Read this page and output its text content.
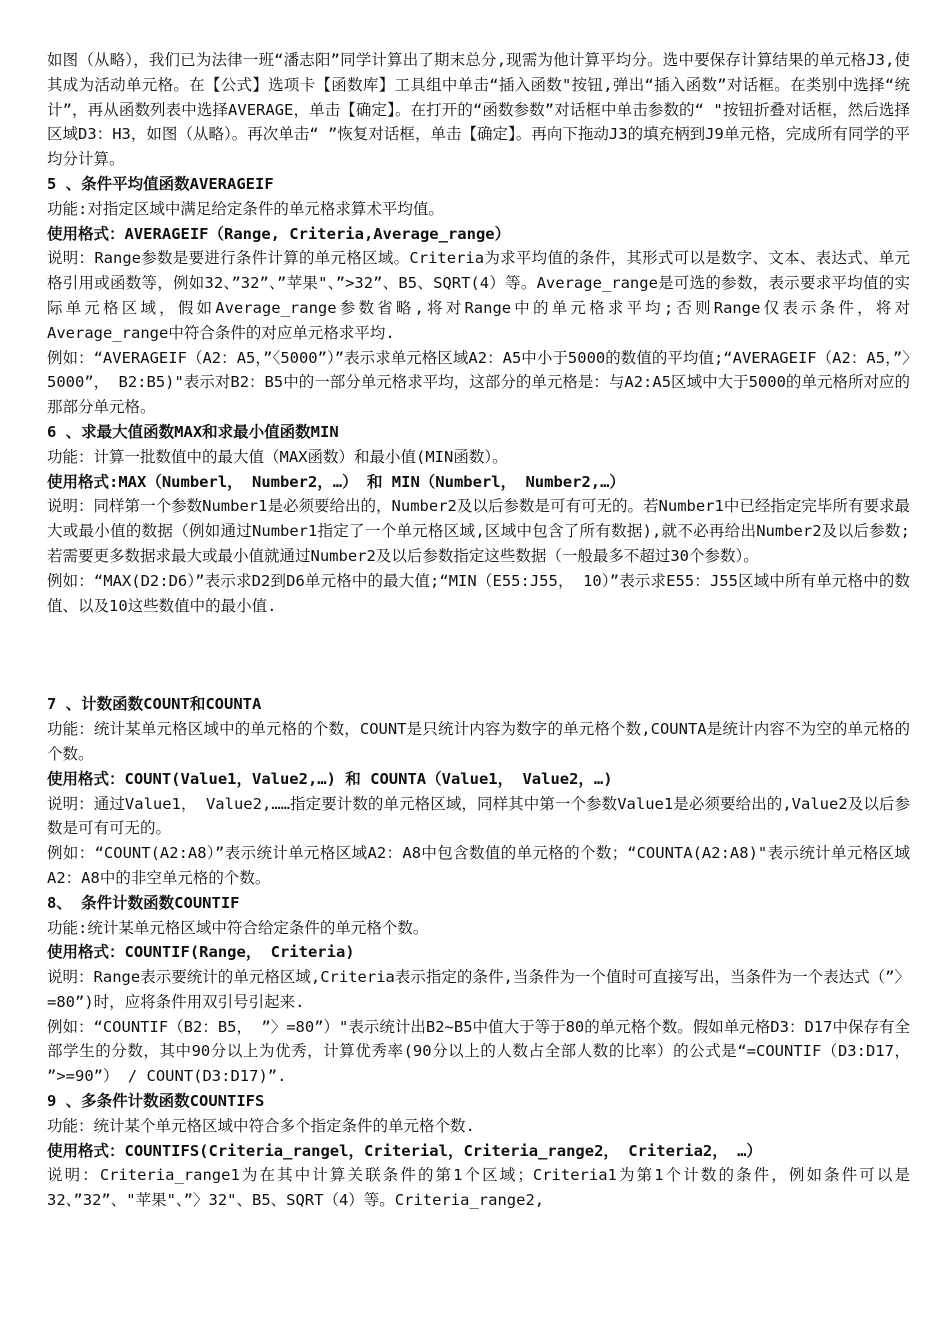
如图（从略），我们已为法律一班“潘志阳”同学计算出了期末总分,现需为他计算平均分。选中要保存计算结果的单元格J3,使其成为活动单元格。在【公式】选项卡【函数库】工具组中单击“插入函数"按钮,弹出“插入函数”对话框。在类别中选择“统计”，再从函数列表中选择AVERAGE，单击【确定】。在打开的“函数参数”对话框中单击参数的“ "按钮折叠对话框，然后选择区域D3：H3，如图（从略）。再次单击“ ”恢复对话框，单击【确定】。再向下拖动J3的填充柄到J9单元格，完成所有同学的平均分计算。

5 、条件平均值函数AVERAGEIF

功能:对指定区域中满足给定条件的单元格求算术平均值。

使用格式：AVERAGEIF（Range, Criteria,Average_range）

说明：Range参数是要进行条件计算的单元格区域。Criteria为求平均值的条件，其形式可以是数字、文本、表达式、单元格引用或函数等，例如32、”32”、”苹果"、”>32”、B5、SQRT(4）等。Average_range是可选的参数，表示要求平均值的实际单元格区域，假如Average_range参数省略,将对Range中的单元格求平均;否则Range仅表示条件，将对Average_range中符合条件的对应单元格求平均.

例如：“AVERAGEIF（A2：A5，”〈5000”）”表示求单元格区域A2：A5中小于5000的数值的平均值;“AVERAGEIF（A2：A5，”〉5000”， B2:B5)"表示对B2：B5中的一部分单元格求平均，这部分的单元格是：与A2:A5区域中大于5000的单元格所对应的那部分单元格。

6 、求最大值函数MAX和求最小值函数MIN

功能：计算一批数值中的最大值（MAX函数）和最小值(MIN函数）。

使用格式:MAX（Numberl， Number2，…） 和 MIN（Numberl， Number2,…）

说明：同样第一个参数Number1是必须要给出的，Number2及以后参数是可有可无的。若Number1中已经指定完毕所有要求最大或最小值的数据（例如通过Number1指定了一个单元格区域,区域中包含了所有数据),就不必再给出Number2及以后参数;若需要更多数据求最大或最小值就通过Number2及以后参数指定这些数据（一般最多不超过30个参数）。

例如：“MAX(D2:D6）”表示求D2到D6单元格中的最大值;“MIN（E55:J55， 10）”表示求E55：J55区域中所有单元格中的数值、以及10这些数值中的最小值.

7 、计数函数COUNT和COUNTA

功能：统计某单元格区域中的单元格的个数，COUNT是只统计内容为数字的单元格个数,COUNTA是统计内容不为空的单元格的个数。

使用格式：COUNT(Value1，Value2,…) 和 COUNTA（Value1， Value2，…)

说明：通过Value1， Value2,……指定要计数的单元格区域，同样其中第一个参数Value1是必须要给出的,Value2及以后参数是可有可无的。

例如：“COUNT(A2:A8）”表示统计单元格区域A2：A8中包含数值的单元格的个数；“COUNTA(A2:A8)"表示统计单元格区域A2：A8中的非空单元格的个数。

8、 条件计数函数COUNTIF

功能:统计某单元格区域中符合给定条件的单元格个数。

使用格式：COUNTIF(Range， Criteria)

说明：Range表示要统计的单元格区域,Criteria表示指定的条件,当条件为一个值时可直接写出，当条件为一个表达式（”〉=80”)时，应将条件用双引号引起来.

例如：“COUNTIF（B2：B5， ”〉=80”）"表示统计出B2~B5中值大于等于80的单元格个数。假如单元格D3：D17中保存有全部学生的分数，其中90分以上为优秀，计算优秀率(90分以上的人数占全部人数的比率）的公式是“=COUNTIF（D3:D17， ”>=90”） / COUNT(D3:D17)”.

9 、多条件计数函数COUNTIFS

功能：统计某个单元格区域中符合多个指定条件的单元格个数.

使用格式：COUNTIFS(Criteria_rangel，Criterial，Criteria_range2， Criteria2， …）

说明：Criteria_range1为在其中计算关联条件的第1个区域；Criteria1为第1个计数的条件，例如条件可以是32、”32”、"苹果"、”〉32"、B5、SQRT（4）等。Criteria_range2,
